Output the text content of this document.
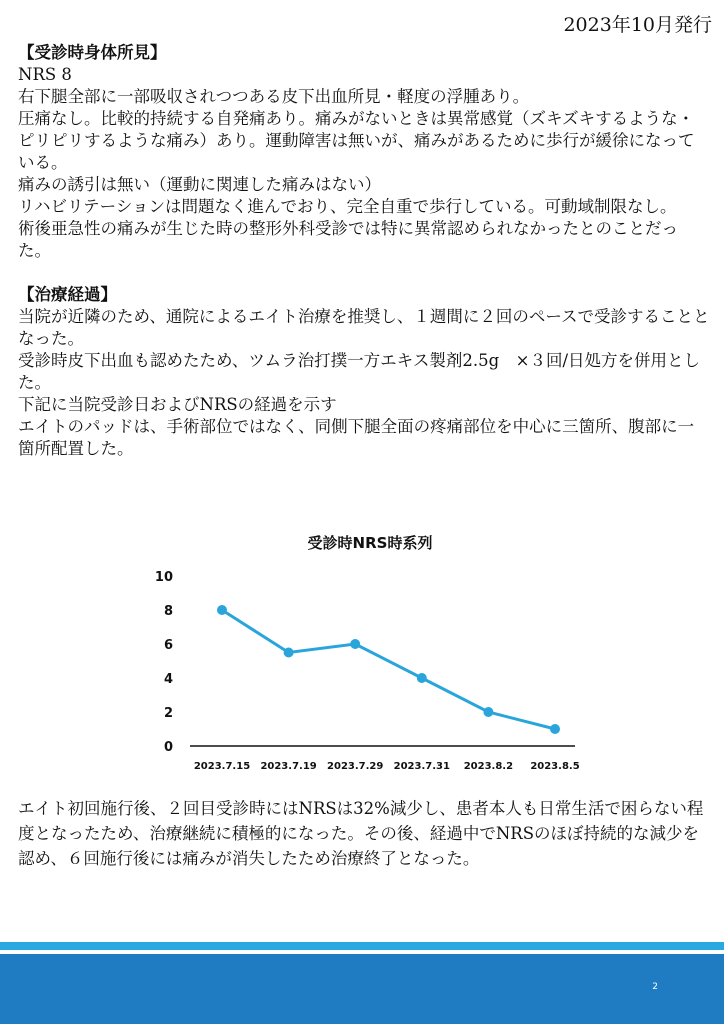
2023年10月発行
【受診時身体所見】

NRS 8

右下腿全部に一部吸収されつつある皮下出血所見・軽度の浮腫あり。

圧痛なし。比較的持続する自発痛あり。痛みがないときは異常感覚（ズキズキするような・ピリピリするような痛み）あり。運動障害は無いが、痛みがあるために歩行が緩徐になっている。

痛みの誘引は無い（運動に関連した痛みはない）

リハビリテーションは問題なく進んでおり、完全自重で歩行している。可動域制限なし。

術後亜急性の痛みが生じた時の整形外科受診では特に異常認められなかったとのことだった。

【治療経過】

当院が近隣のため、通院によるエイト治療を推奨し、１週間に２回のペースで受診することとなった。

受診時皮下出血も認めたため、ツムラ治打撲一方エキス製剤2.5g　×３回/日処方を併用とした。

下記に当院受診日およびNRSの経過を示す

エイトのパッドは、手術部位ではなく、同側下腿全面の疼痛部位を中心に三箇所、腹部に一箇所配置した。

受診時NRS時系列
0
2
4
6
8
10
2023.7.15 2023.7.19 2023.7.29 2023.7.31 2023.8.2 2023.8.5

エイト初回施行後、２回目受診時にはNRSは32%減少し、患者本人も日常生活で困らない程度となったため、治療継続に積極的になった。その後、経過中でNRSのほぼ持続的な減少を認め、６回施行後には痛みが消失したため治療終了となった。

2
